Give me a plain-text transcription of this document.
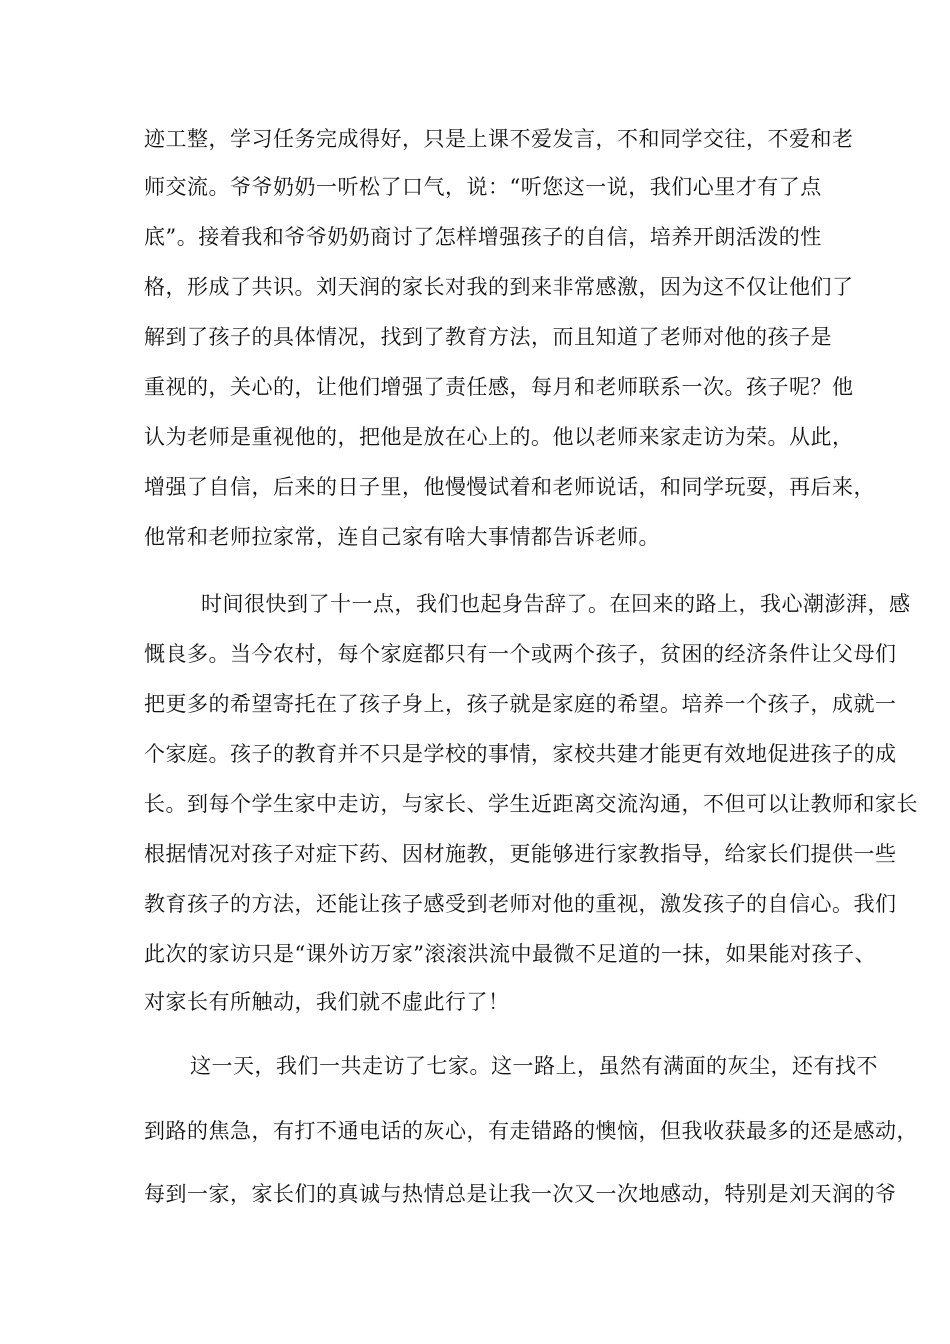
迹工整，学习任务完成得好，只是上课不爱发言，不和同学交往，不爱和老
师交流。爷爷奶奶一听松了口气，说：“听您这一说，我们心里才有了点
底”。接着我和爷爷奶奶商讨了怎样增强孩子的自信，培养开朗活泼的性
格，形成了共识。刘天润的家长对我的到来非常感激，因为这不仅让他们了
解到了孩子的具体情况，找到了教育方法，而且知道了老师对他的孩子是
重视的，关心的，让他们增强了责任感，每月和老师联系一次。孩子呢？他
认为老师是重视他的，把他是放在心上的。他以老师来家走访为荣。从此，
增强了自信，后来的日子里，他慢慢试着和老师说话，和同学玩耍，再后来，
他常和老师拉家常，连自己家有啥大事情都告诉老师。
时间很快到了十一点，我们也起身告辞了。在回来的路上，我心潮澎湃，感
慨良多。当今农村，每个家庭都只有一个或两个孩子，贫困的经济条件让父母们
把更多的希望寄托在了孩子身上，孩子就是家庭的希望。培养一个孩子，成就一
个家庭。孩子的教育并不只是学校的事情，家校共建才能更有效地促进孩子的成
长。到每个学生家中走访，与家长、学生近距离交流沟通，不但可以让教师和家长
根据情况对孩子对症下药、因材施教，更能够进行家教指导，给家长们提供一些
教育孩子的方法，还能让孩子感受到老师对他的重视，激发孩子的自信心。我们
此次的家访只是“课外访万家”滚滚洪流中最微不足道的一抹，如果能对孩子、
对家长有所触动，我们就不虚此行了！
这一天，我们一共走访了七家。这一路上，虽然有满面的灰尘，还有找不
到路的焦急，有打不通电话的灰心，有走错路的懊恼，但我收获最多的还是感动，
每到一家，家长们的真诚与热情总是让我一次又一次地感动，特别是刘天润的爷
